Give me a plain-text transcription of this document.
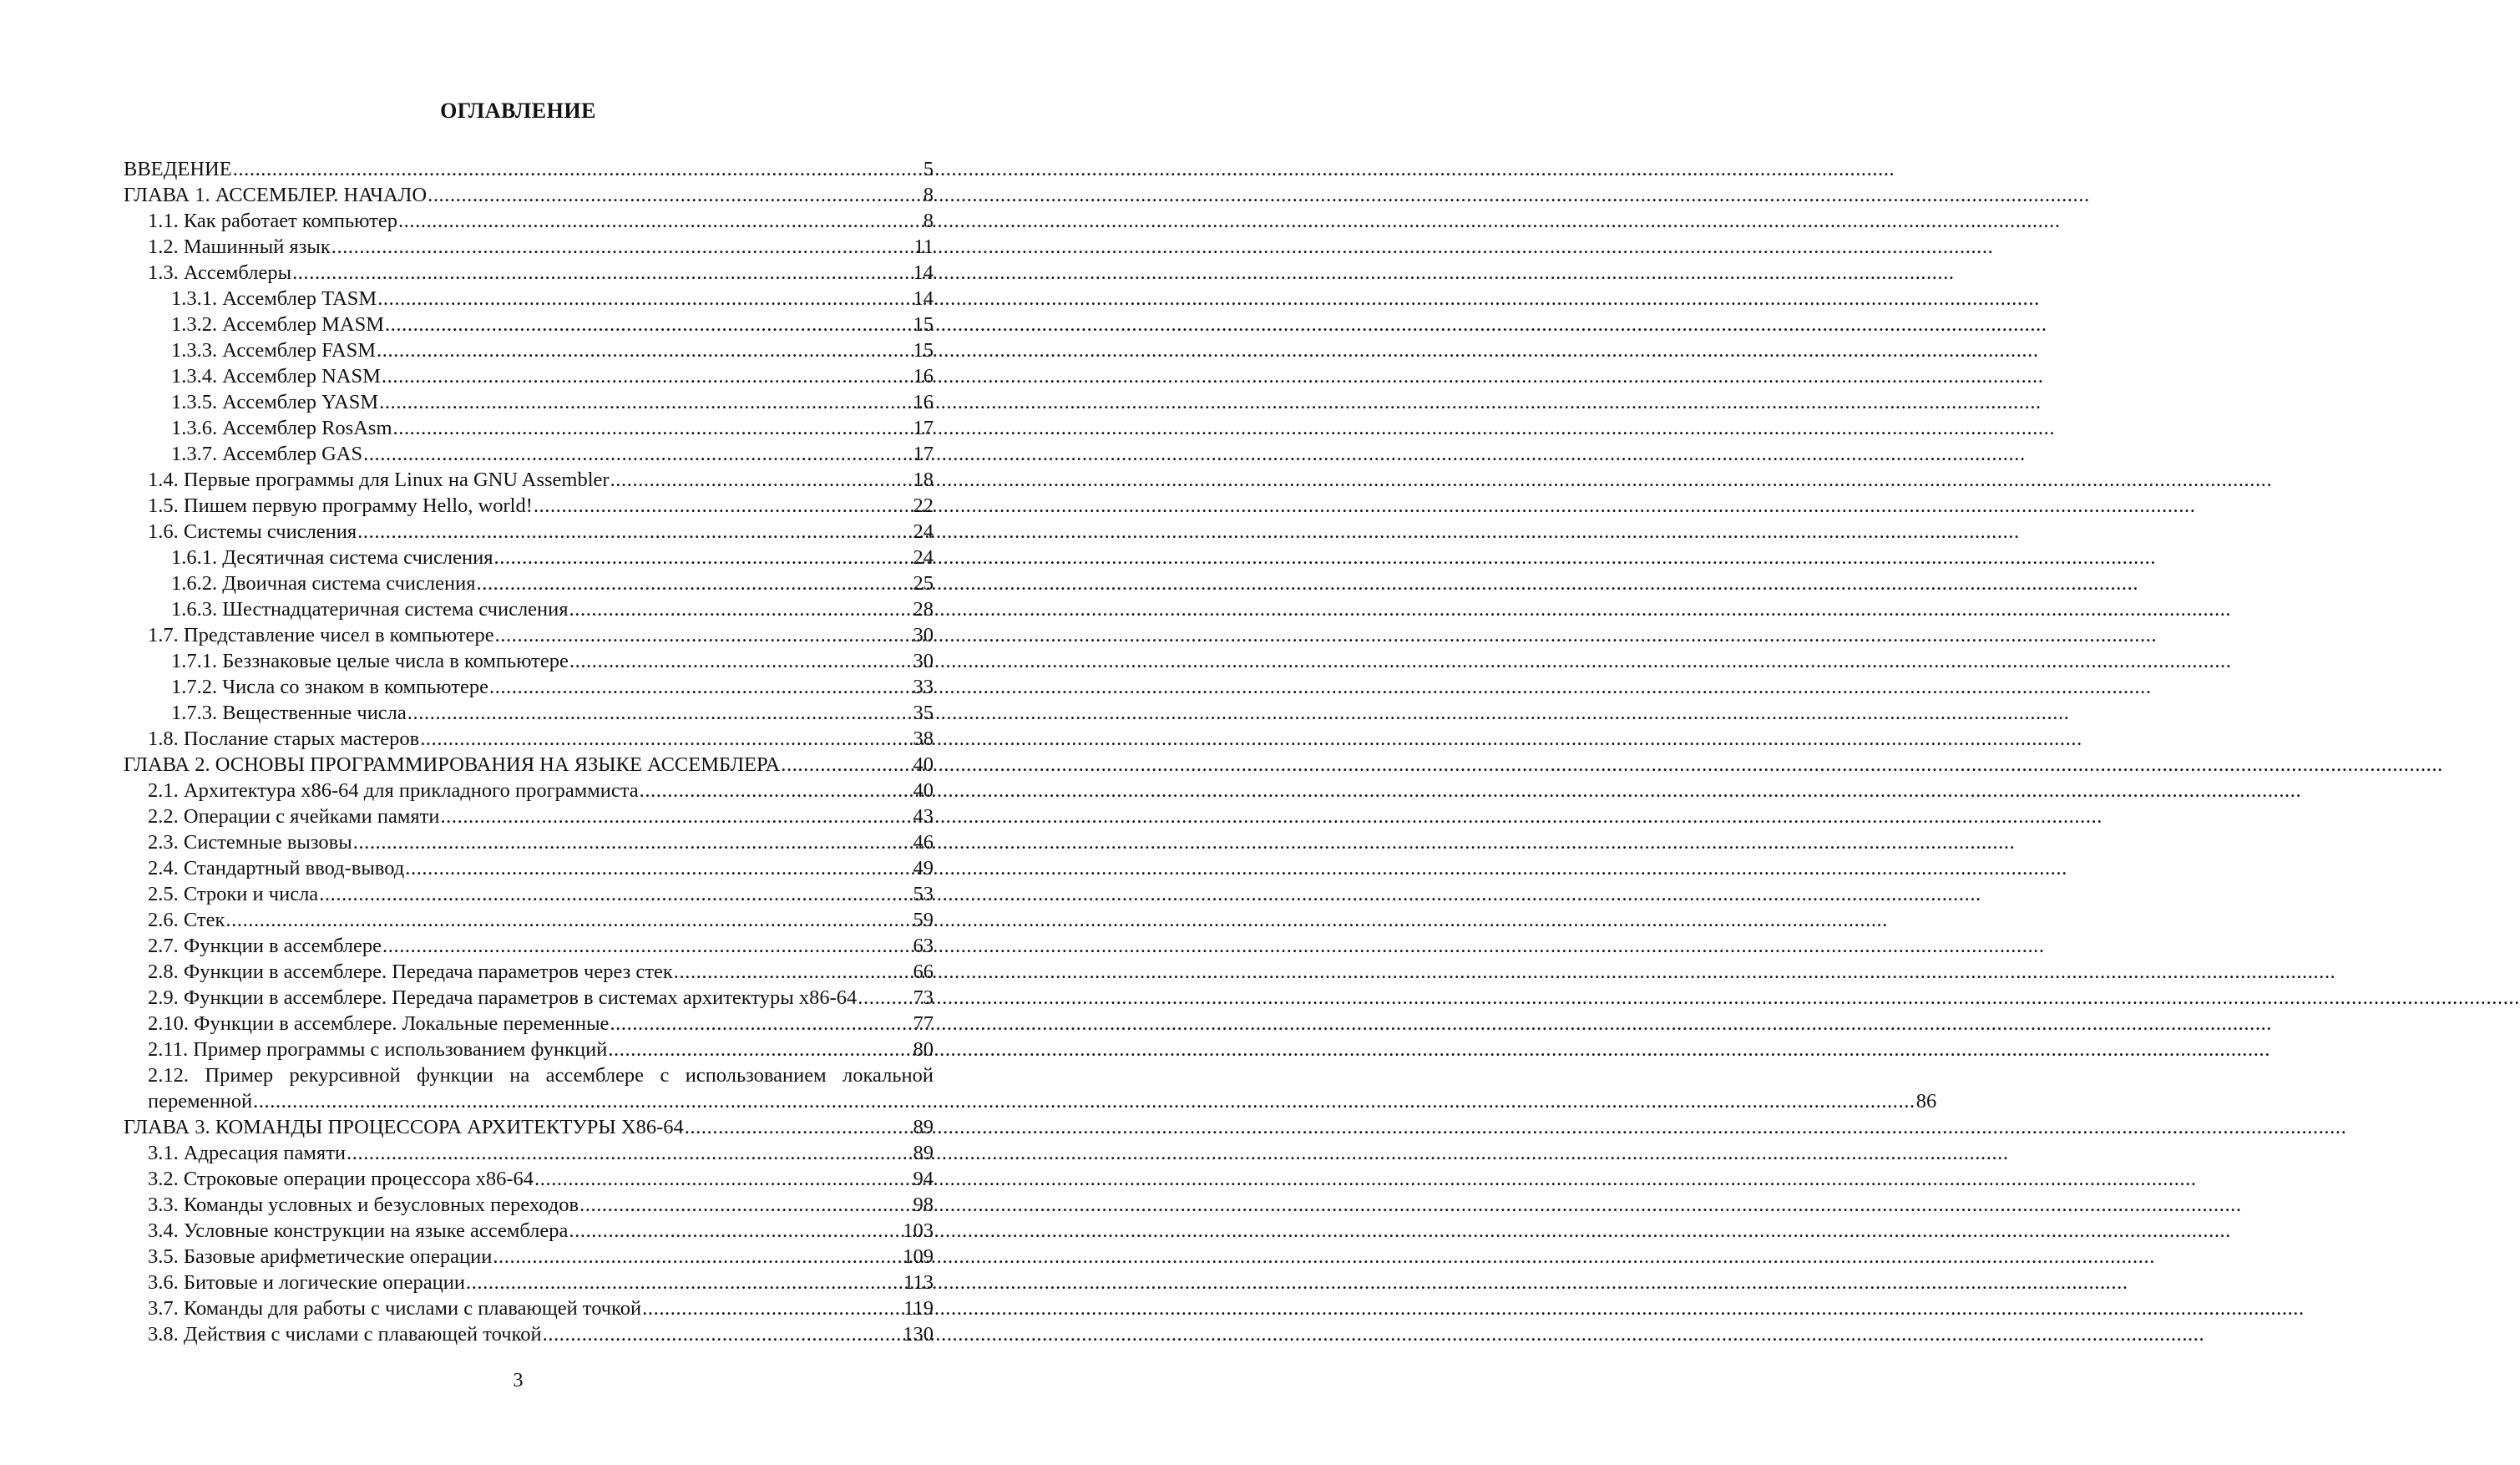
ОГЛАВЛЕНИЕ
ВВЕДЕНИЕ .....	5
ГЛАВА 1. АССЕМБЛЕР. НАЧАЛО .....	8
1.1. Как работает компьютер .....	8
1.2. Машинный язык .....	11
1.3. Ассемблеры .....	14
1.3.1. Ассемблер TASM .....	14
1.3.2. Ассемблер MASM .....	15
1.3.3. Ассемблер FASM .....	15
1.3.4. Ассемблер NASM .....	16
1.3.5. Ассемблер YASM .....	16
1.3.6. Ассемблер RosAsm .....	17
1.3.7. Ассемблер GAS .....	17
1.4. Первые программы для Linux на GNU Assembler .....	18
1.5. Пишем первую программу Hello, world! .....	22
1.6. Системы счисления .....	24
1.6.1. Десятичная система счисления .....	24
1.6.2. Двоичная система счисления .....	25
1.6.3. Шестнадцатеричная система счисления .....	28
1.7. Представление чисел в компьютере .....	30
1.7.1. Беззнаковые целые числа в компьютере .....	30
1.7.2. Числа со знаком в компьютере .....	33
1.7.3. Вещественные числа .....	35
1.8. Послание старых мастеров .....	38
ГЛАВА 2. ОСНОВЫ ПРОГРАММИРОВАНИЯ НА ЯЗЫКЕ АССЕМБЛЕРА .....	40
2.1. Архитектура x86-64 для прикладного программиста .....	40
2.2. Операции с ячейками памяти .....	43
2.3. Системные вызовы .....	46
2.4. Стандартный ввод-вывод .....	49
2.5. Строки и числа .....	53
2.6. Стек .....	59
2.7. Функции в ассемблере .....	63
2.8. Функции в ассемблере. Передача параметров через стек .....	66
2.9. Функции в ассемблере. Передача параметров в системах архитектуры x86-64 .....	73
2.10. Функции в ассемблере. Локальные переменные .....	77
2.11. Пример программы с использованием функций .....	80
2.12. Пример рекурсивной функции на ассемблере с использованием локальной
переменной .....	86
ГЛАВА 3. КОМАНДЫ ПРОЦЕССОРА АРХИТЕКТУРЫ X86-64 .....	89
3.1. Адресация памяти .....	89
3.2. Строковые операции процессора x86-64 .....	94
3.3. Команды условных и безусловных переходов .....	98
3.4. Условные конструкции на языке ассемблера .....	103
3.5. Базовые арифметические операции .....	109
3.6. Битовые и логические операции .....	113
3.7. Команды для работы с числами с плавающей точкой .....	119
3.8. Действия с числами с плавающей точкой .....	130
3
